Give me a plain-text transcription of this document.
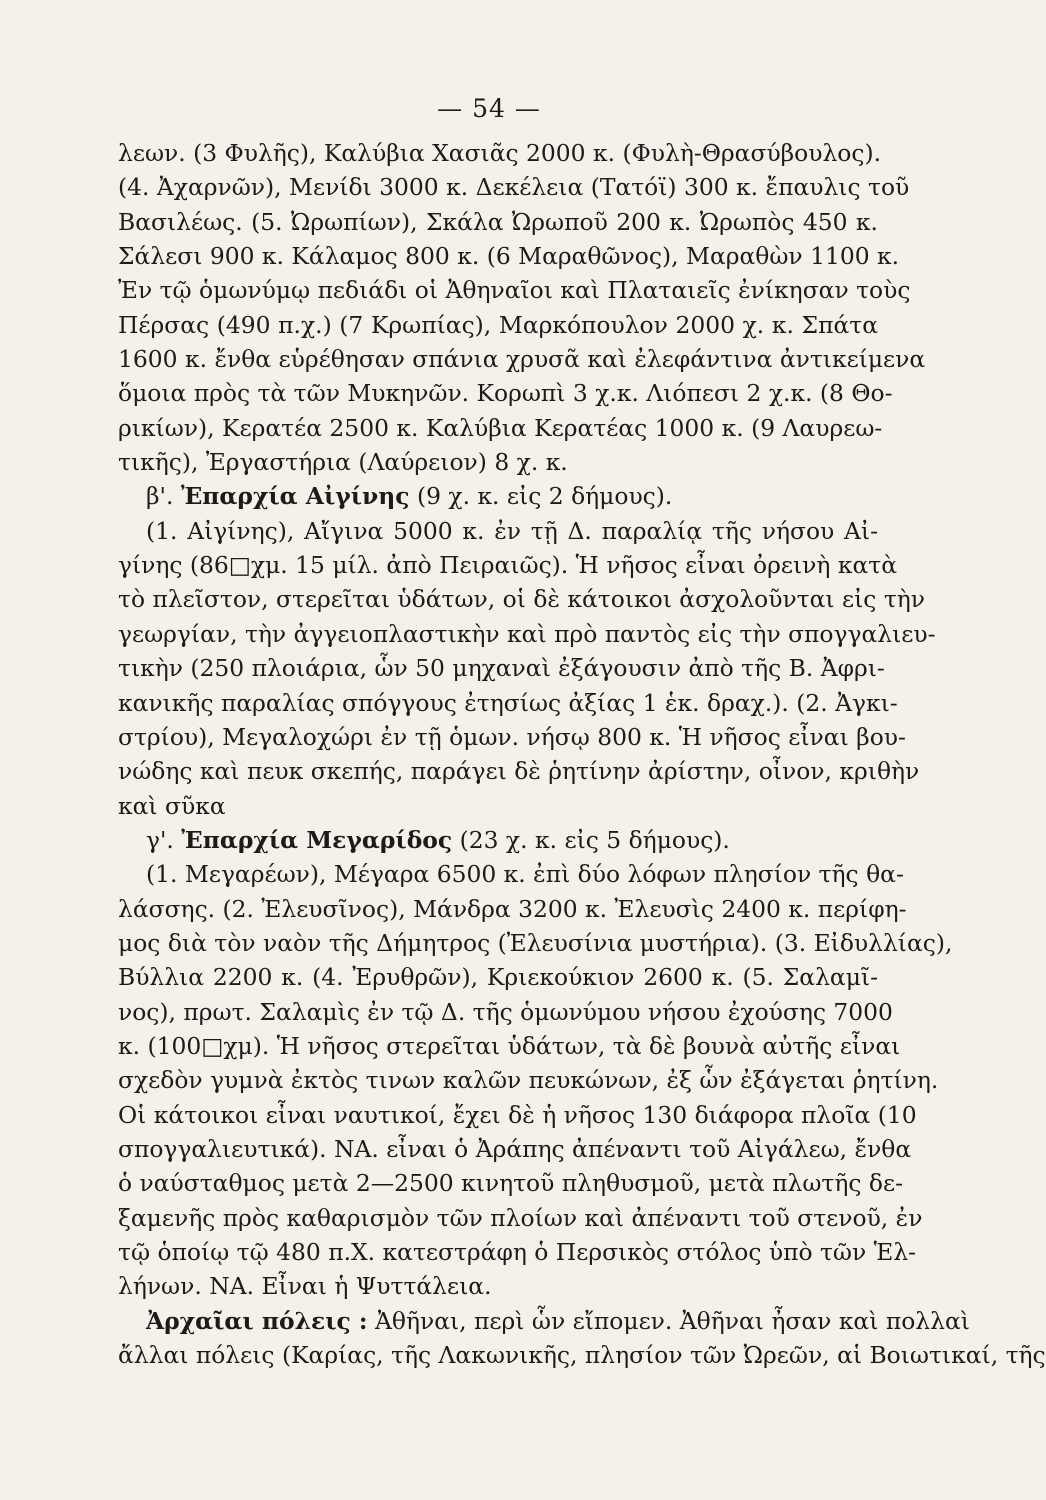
— 54 —
λεων. (3 Φυλῆς), Καλύβια Χασιᾶς 2000 κ. (Φυλὴ-Θρασύβουλος).
(4. Ἀχαρνῶν), Μενίδι 3000 κ. Δεκέλεια (Τατόϊ) 300 κ. ἔπαυλις τοῦ
Βασιλέως. (5. Ὠρωπίων), Σκάλα Ὠρωποῦ 200 κ. Ὠρωπὸς 450 κ.
Σάλεσι 900 κ. Κάλαμος 800 κ. (6 Μαραθῶνος), Μαραθὼν 1100 κ.
Ἐν τῷ ὁμωνύμῳ πεδιάδι οἱ Ἀθηναῖοι καὶ Πλαταιεῖς ἐνίκησαν τοὺς
Πέρσας (490 π.χ.) (7 Κρωπίας), Μαρκόπουλον 2000 χ. κ. Σπάτα
1600 κ. ἔνθα εὑρέθησαν σπάνια χρυσᾶ καὶ ἐλεφάντινα ἀντικείμενα
ὅμοια πρὸς τὰ τῶν Μυκηνῶν. Κορωπὶ 3 χ.κ. Λιόπεσι 2 χ.κ. (8 Θο-
ρικίων), Κερατέα 2500 κ. Καλύβια Κερατέας 1000 κ. (9 Λαυρεω-
τικῆς), Ἐργαστήρια (Λαύρειον) 8 χ. κ.
β'. Ἐπαρχία Αἰγίνης (9 χ. κ. εἰς 2 δήμους).
(1. Αἰγίνης), Αἴγινα 5000 κ. ἐν τῇ Δ. παραλίᾳ τῆς νήσου Αἰ-
γίνης (86□χμ. 15 μίλ. ἀπὸ Πειραιῶς). Ἡ νῆσος εἶναι ὀρεινὴ κατὰ
τὸ πλεῖστον, στερεῖται ὑδάτων, οἱ δὲ κάτοικοι ἀσχολοῦνται εἰς τὴν
γεωργίαν, τὴν ἀγγειοπλαστικὴν καὶ πρὸ παντὸς εἰς τὴν σπογγαλιευ-
τικὴν (250 πλοιάρια, ὧν 50 μηχαναὶ ἐξάγουσιν ἀπὸ τῆς Β. Ἀφρι-
κανικῆς παραλίας σπόγγους ἐτησίως ἀξίας 1 ἑκ. δραχ.). (2. Ἀγκι-
στρίου), Μεγαλοχώρι ἐν τῇ ὁμων. νήσῳ 800 κ. Ἡ νῆσος εἶναι βου-
νώδης καὶ πευκ σκεπής, παράγει δὲ ῥητίνην ἀρίστην, οἶνον, κριθὴν
καὶ σῦκα
γ'. Ἐπαρχία Μεγαρίδος (23 χ. κ. εἰς 5 δήμους).
(1. Μεγαρέων), Μέγαρα 6500 κ. ἐπὶ δύο λόφων πλησίον τῆς θα-
λάσσης. (2. Ἐλευσῖνος), Μάνδρα 3200 κ. Ἐλευσὶς 2400 κ. περίφη-
μος διὰ τὸν ναὸν τῆς Δήμητρος (Ἐλευσίνια μυστήρια). (3. Εἰδυλλίας),
Βύλλια 2200 κ. (4. Ἐρυθρῶν), Κριεκούκιον 2600 κ. (5. Σαλαμῖ-
νος), πρωτ. Σαλαμὶς ἐν τῷ Δ. τῆς ὁμωνύμου νήσου ἐχούσης 7000
κ. (100□χμ). Ἡ νῆσος στερεῖται ὑδάτων, τὰ δὲ βουνὰ αὐτῆς εἶναι
σχεδὸν γυμνὰ ἐκτὸς τινων καλῶν πευκώνων, ἐξ ὧν ἐξάγεται ῥητίνη.
Οἱ κάτοικοι εἶναι ναυτικοί, ἔχει δὲ ἡ νῆσος 130 διάφορα πλοῖα (10
σπογγαλιευτικά). ΝΑ. εἶναι ὁ Ἀράπης ἀπέναντι τοῦ Αἰγάλεω, ἔνθα
ὁ ναύσταθμος μετὰ 2—2500 κινητοῦ πληθυσμοῦ, μετὰ πλωτῆς δε-
ξαμενῆς πρὸς καθαρισμὸν τῶν πλοίων καὶ ἀπέναντι τοῦ στενοῦ, ἐν
τῷ ὁποίῳ τῷ 480 π.Χ. κατεστράφη ὁ Περσικὸς στόλος ὑπὸ τῶν Ἑλ-
λήνων. ΝΑ. Εἶναι ἡ Ψυττάλεια.
Ἀρχαῖαι πόλεις : Ἀθῆναι, περὶ ὧν εἴπομεν. Ἀθῆναι ἦσαν καὶ πολλαὶ
ἄλλαι πόλεις (Καρίας, τῆς Λακωνικῆς, πλησίον τῶν Ὠρεῶν, αἱ Βοιωτικαί, τῆς
